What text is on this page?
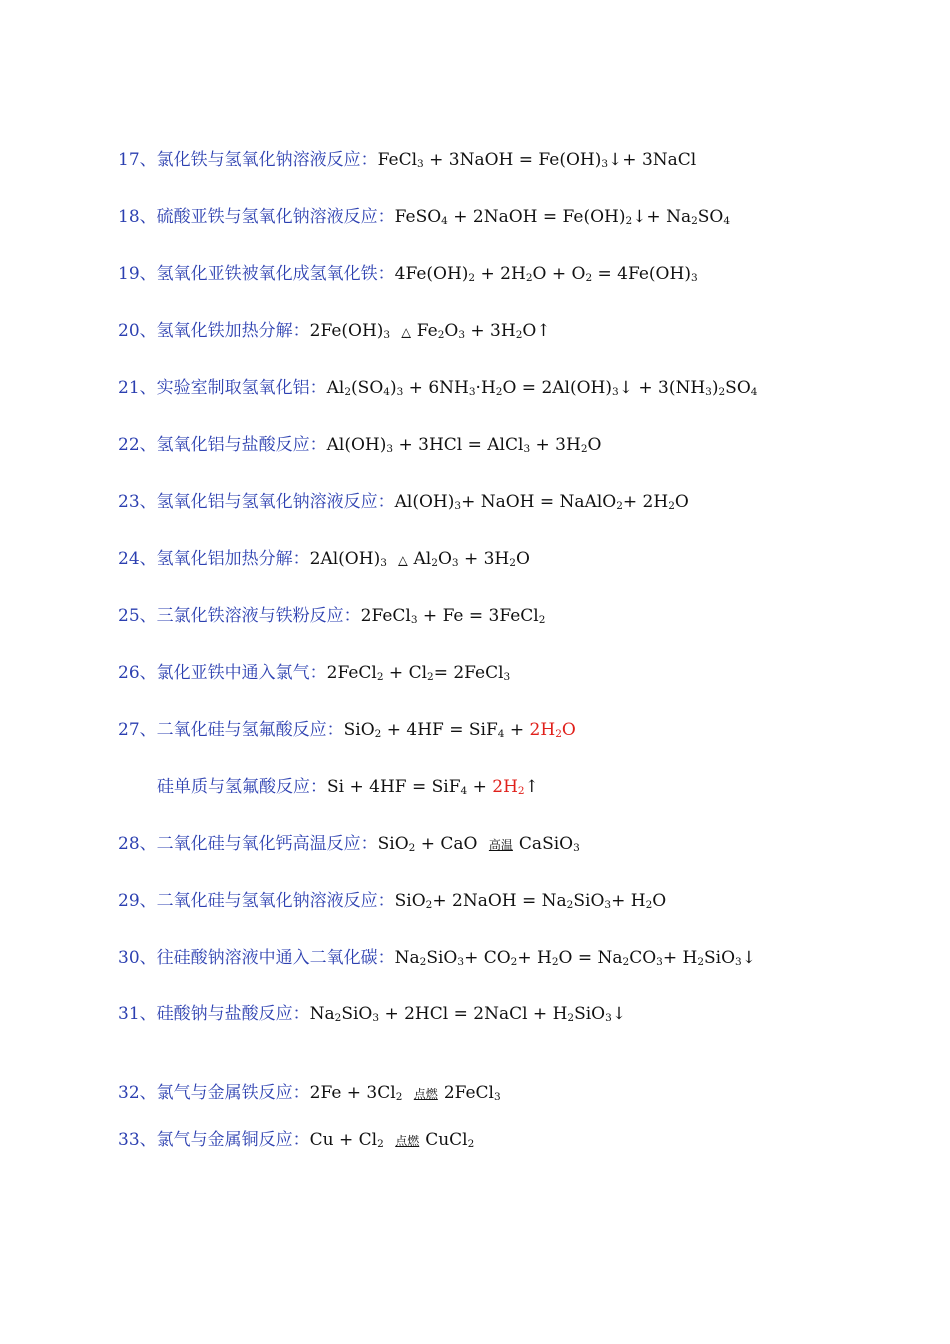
17、氯化铁与氢氧化钠溶液反应：FeCl$_3$ + 3NaOH = $Fe(OH)_3↓+$ 3NaCl
18、硫酸亚铁与氢氧化钠溶液反应：FeSO$_4$ + 2NaOH = $Fe(OH)_2↓+ Na_2SO_4$
19、氢氧化亚铁被氧化成氢氧化铁：$4Fe(OH)_2 + 2H_2O + O_2 = 4Fe(OH)_3$
20、氢氧化铁加热分解：$2Fe(OH)_3$ △ $Fe_2O_3$ + $3H_2O↑$
21、实验室制取氢氧化铝：$Al_2(SO_4)_3 + 6NH_3\cdot H_2O$ = $2Al(OH)_3↓ + 3(NH_3)_2SO_4$
22、氢氧化铝与盐酸反应：$Al(OH)_3 + 3HCl$ = AlCl$_3$ + $3H_2O$
23、氢氧化铝与氢氧化钠溶液反应：$Al(OH)_3+$ NaOH = NaAlO$_2$+ $2H_2O$
24、氢氧化铝加热分解：$2Al(OH)_3$ △ $Al_2O_3 + 3H_2O$
25、三氯化铁溶液与铁粉反应：2FeCl$_3$ + Fe = 3FeCl$_2$
26、氯化亚铁中通入氯气：2FeCl$_2$ + $Cl_2=$ 2FeCl$_3$
27、二氧化硅与氢氟酸反应：$SiO_2 + 4HF = SiF_4 + 2H_2O$
硅单质与氢氟酸反应：$Si + 4HF = SiF_4 + 2H_2↑$
28、二氧化硅与氧化钙高温反应：SiO$_2$ + CaO 高温 CaSiO$_3$
29、二氧化硅与氢氧化钠溶液反应：SiO$_2$+ 2NaOH = $Na_2SiO_3+ H_2O$
30、往硅酸钠溶液中通入二氧化碳：$Na_2SiO_3+ CO_2+ H_2O = Na_2CO_3+$ $H_2SiO_3↓$
31、硅酸钠与盐酸反应：$Na_2SiO_3 + 2HCl$ = 2NaCl + $H_2SiO_3↓$
32、氯气与金属铁反应：$2Fe + 3Cl_2$ 点燃 2FeCl$_3$
33、氯气与金属铜反应：$Cu + Cl_2$ 点燃 CuCl$_2$
